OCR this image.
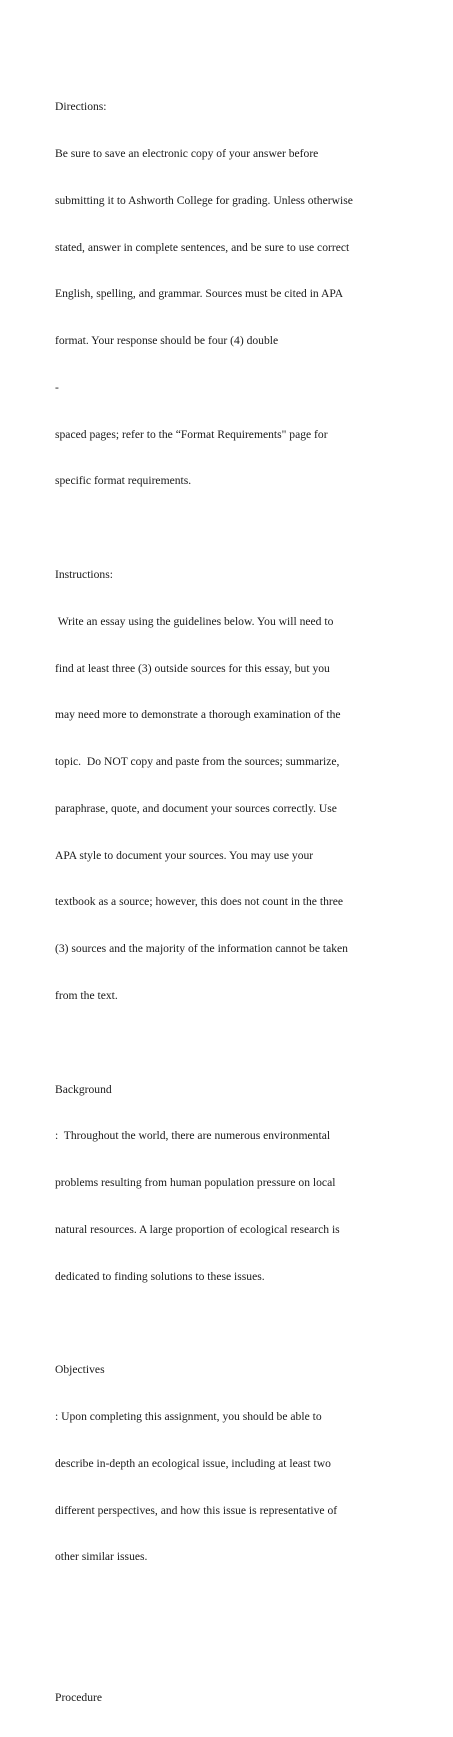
Directions:

Be sure to save an electronic copy of your answer before

submitting it to Ashworth College for grading. Unless otherwise

stated, answer in complete sentences, and be sure to use correct

English, spelling, and grammar. Sources must be cited in APA

format. Your response should be four (4) double

-

spaced pages; refer to the “Format Requirements" page for

specific format requirements.

Instructions:

Write an essay using the guidelines below. You will need to

find at least three (3) outside sources for this essay, but you

may need more to demonstrate a thorough examination of the

topic.  Do NOT copy and paste from the sources; summarize,

paraphrase, quote, and document your sources correctly. Use

APA style to document your sources. You may use your

textbook as a source; however, this does not count in the three

(3) sources and the majority of the information cannot be taken

from the text.

Background

:  Throughout the world, there are numerous environmental

problems resulting from human population pressure on local

natural resources. A large proportion of ecological research is

dedicated to finding solutions to these issues.

Objectives

: Upon completing this assignment, you should be able to

describe in-depth an ecological issue, including at least two

different perspectives, and how this issue is representative of

other similar issues.

Procedure
